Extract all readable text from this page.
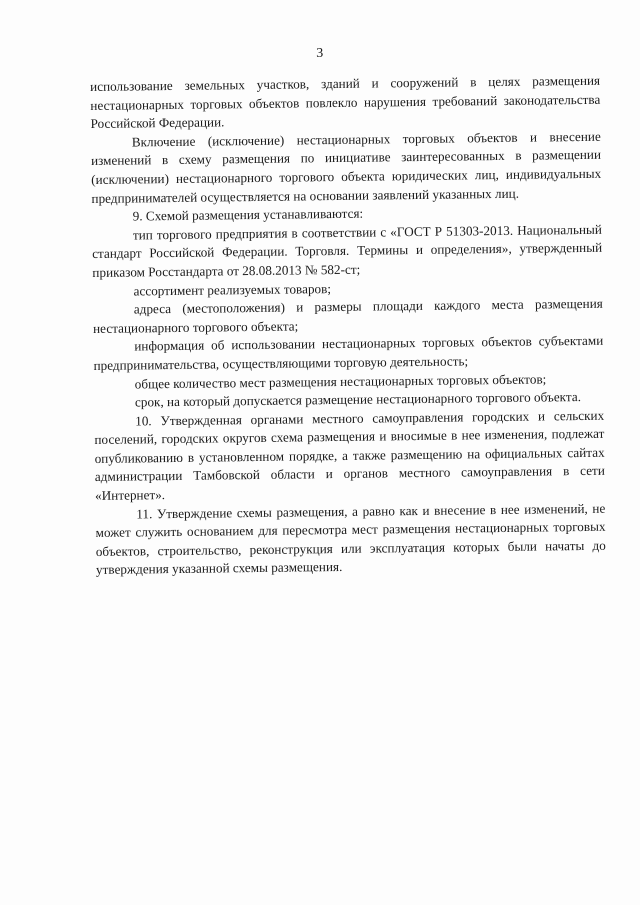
3

использование земельных участков, зданий и сооружений в целях размещения нестационарных торговых объектов повлекло нарушения требований законодательства Российской Федерации.

Включение (исключение) нестационарных торговых объектов и внесение изменений в схему размещения по инициативе заинтересованных в размещении (исключении) нестационарного торгового объекта юридических лиц, индивидуальных предпринимателей осуществляется на основании заявлений указанных лиц.

9. Схемой размещения устанавливаются:

тип торгового предприятия в соответствии с «ГОСТ Р 51303-2013. Национальный стандарт Российской Федерации. Торговля. Термины и определения», утвержденный приказом Росстандарта от 28.08.2013 № 582-ст;

ассортимент реализуемых товаров;

адреса (местоположения) и размеры площади каждого места размещения нестационарного торгового объекта;

информация об использовании нестационарных торговых объектов субъектами предпринимательства, осуществляющими торговую деятельность;

общее количество мест размещения нестационарных торговых объектов;

срок, на который допускается размещение нестационарного торгового объекта.

10. Утвержденная органами местного самоуправления городских и сельских поселений, городских округов схема размещения и вносимые в нее изменения, подлежат опубликованию в установленном порядке, а также размещению на официальных сайтах администрации Тамбовской области и органов местного самоуправления в сети «Интернет».

11. Утверждение схемы размещения, а равно как и внесение в нее изменений, не может служить основанием для пересмотра мест размещения нестационарных торговых объектов, строительство, реконструкция или эксплуатация которых были начаты до утверждения указанной схемы размещения.
